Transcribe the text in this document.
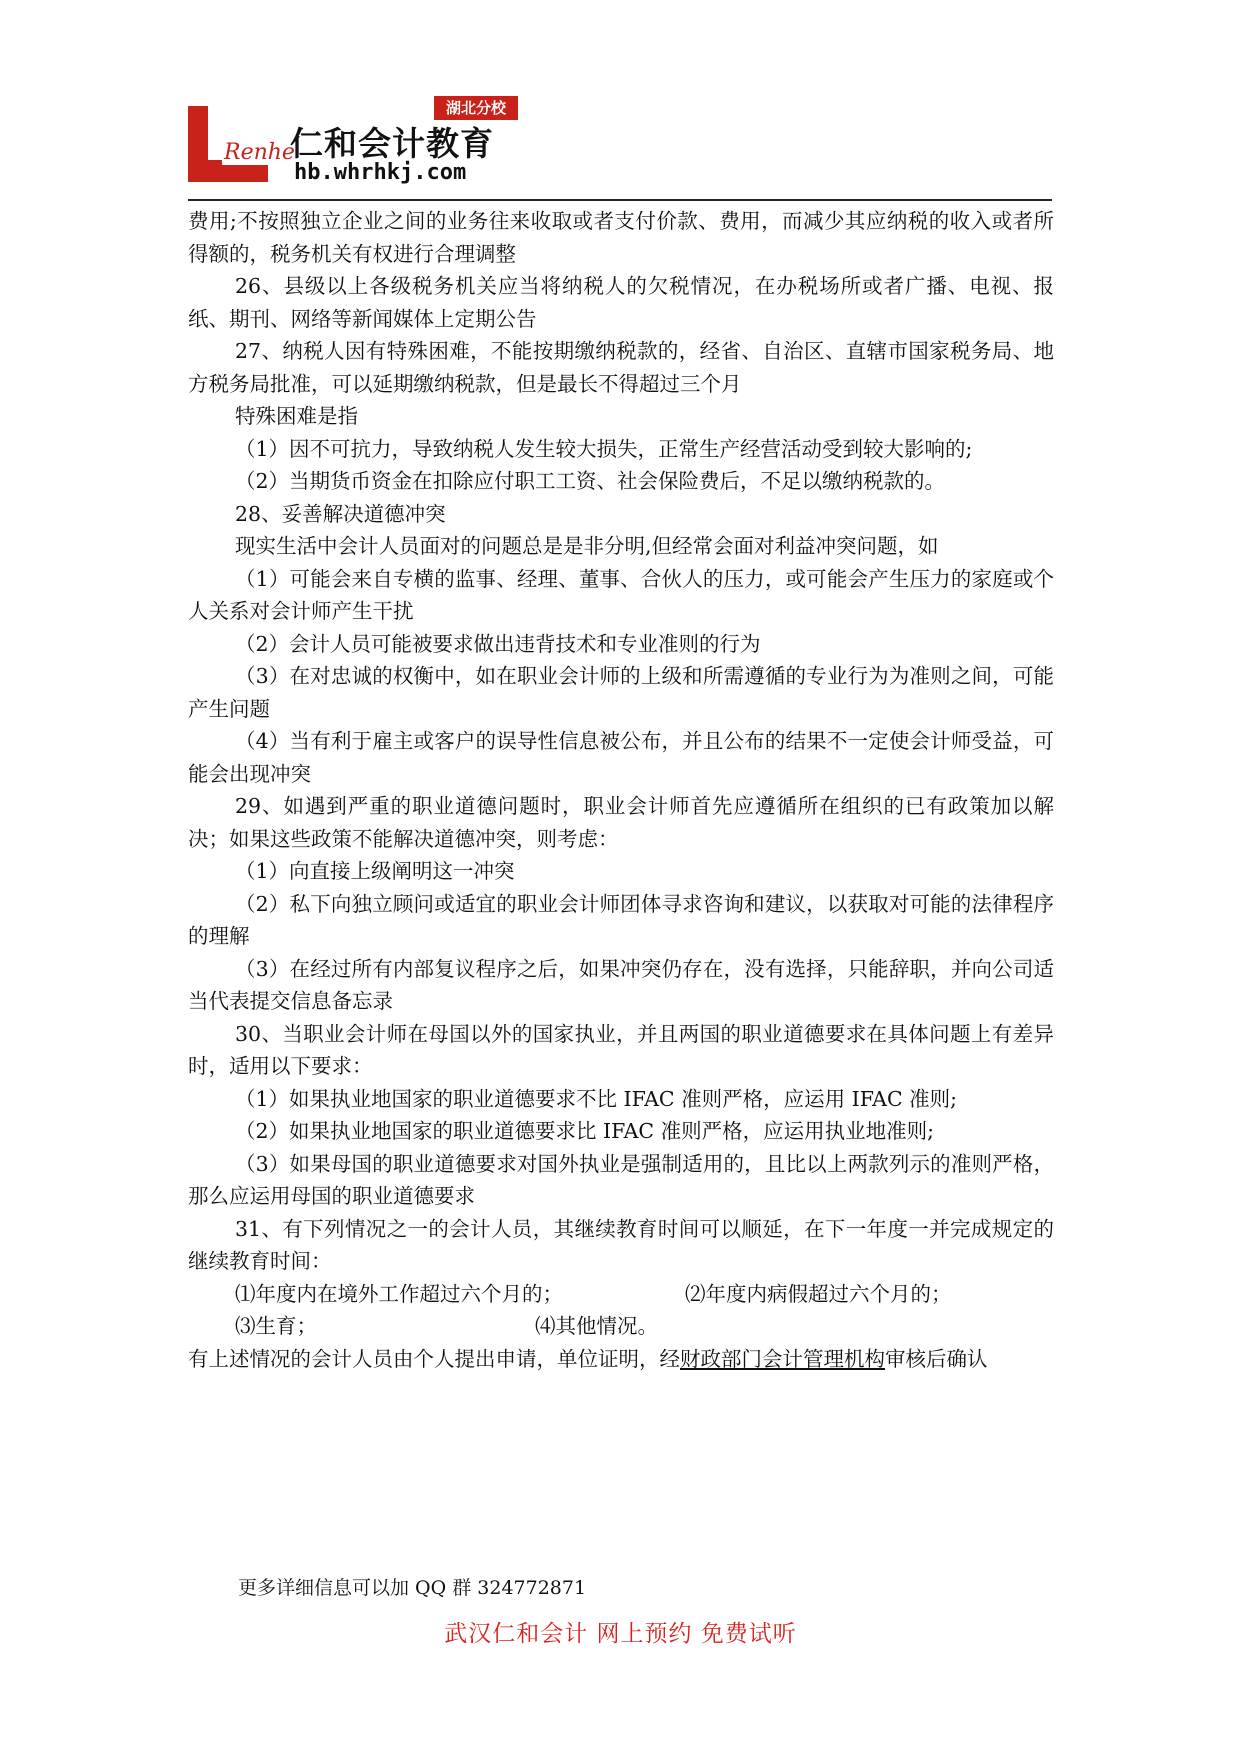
Renhe
湖北分校
仁和会计教育
hb.whrhkj.com

费用;不按照独立企业之间的业务往来收取或者支付价款、费用，而减少其应纳税的收入或者所得额的，税务机关有权进行合理调整

26、县级以上各级税务机关应当将纳税人的欠税情况，在办税场所或者广播、电视、报纸、期刊、网络等新闻媒体上定期公告

27、纳税人因有特殊困难，不能按期缴纳税款的，经省、自治区、直辖市国家税务局、地方税务局批准，可以延期缴纳税款，但是最长不得超过三个月

特殊困难是指

（1）因不可抗力，导致纳税人发生较大损失，正常生产经营活动受到较大影响的;

（2）当期货币资金在扣除应付职工工资、社会保险费后，不足以缴纳税款的。

28、妥善解决道德冲突

现实生活中会计人员面对的问题总是是非分明,但经常会面对利益冲突问题，如

（1）可能会来自专横的监事、经理、董事、合伙人的压力，或可能会产生压力的家庭或个人关系对会计师产生干扰

（2）会计人员可能被要求做出违背技术和专业准则的行为

（3）在对忠诚的权衡中，如在职业会计师的上级和所需遵循的专业行为为准则之间，可能产生问题

（4）当有利于雇主或客户的误导性信息被公布，并且公布的结果不一定使会计师受益，可能会出现冲突

29、如遇到严重的职业道德问题时，职业会计师首先应遵循所在组织的已有政策加以解决；如果这些政策不能解决道德冲突，则考虑：

（1）向直接上级阐明这一冲突

（2）私下向独立顾问或适宜的职业会计师团体寻求咨询和建议，以获取对可能的法律程序的理解

（3）在经过所有内部复议程序之后，如果冲突仍存在，没有选择，只能辞职，并向公司适当代表提交信息备忘录

30、当职业会计师在母国以外的国家执业，并且两国的职业道德要求在具体问题上有差异时，适用以下要求：

（1）如果执业地国家的职业道德要求不比 IFAC 准则严格，应运用 IFAC 准则;

（2）如果执业地国家的职业道德要求比 IFAC 准则严格，应运用执业地准则;

（3）如果母国的职业道德要求对国外执业是强制适用的，且比以上两款列示的准则严格，那么应运用母国的职业道德要求

31、有下列情况之一的会计人员，其继续教育时间可以顺延，在下一年度一并完成规定的继续教育时间：

⑴年度内在境外工作超过六个月的；	⑵年度内病假超过六个月的；

⑶生育；	⑷其他情况。

有上述情况的会计人员由个人提出申请，单位证明，经财政部门会计管理机构审核后确认

更多详细信息可以加 QQ 群 324772871
武汉仁和会计 网上预约 免费试听
